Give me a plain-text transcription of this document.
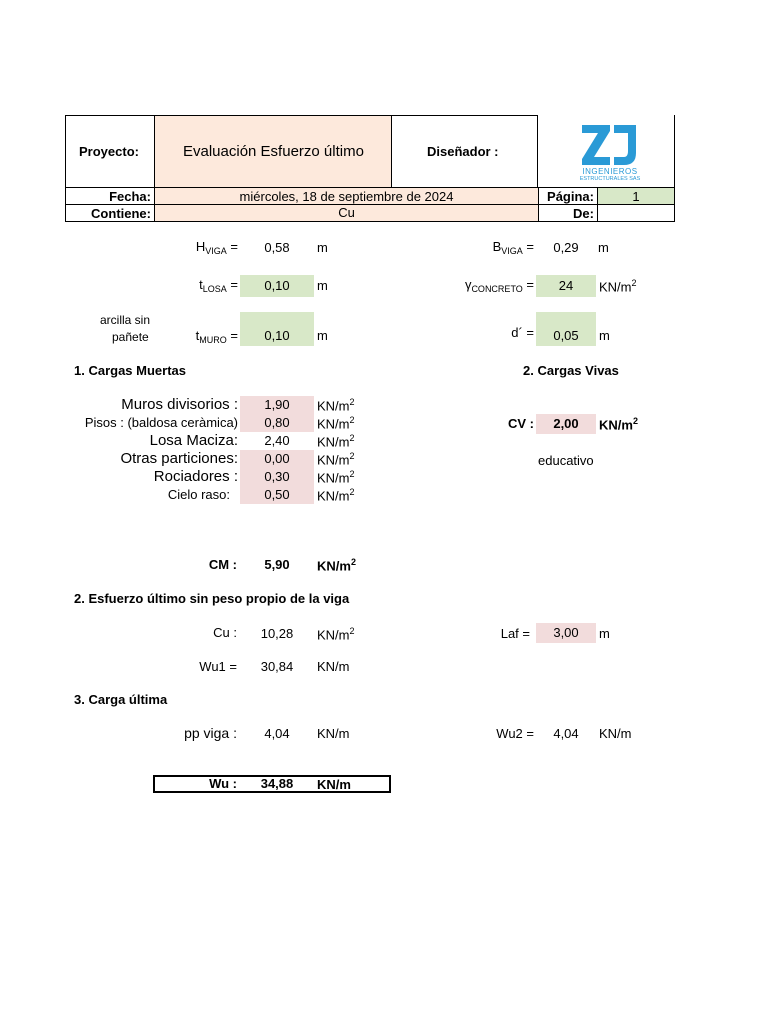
Proyecto:	Evaluación Esfuerzo último	Diseñador :
INGENIEROS
ESTRUCTURALES SAS
Fecha:	miércoles, 18 de septiembre de 2024	Página:	1
Contiene:	Cu	De:
$H_{VIGA}$ =	0,58	m	$B_{VIGA}$ =	0,29	m
$t_{LOSA}$ =	0,10	m	$\gamma_{CONCRETO}$ =	24	$KN/m^2$
arcilla sin
pañete	$t_{MURO}$ =	0,10	m	d´ =	0,05	m
1. Cargas Muertas
Muros divisorios :	1,90	$KN/m^2$
Pisos : (baldosa ceràmica)	0,80	$KN/m^2$
Losa Maciza:	2,40	$KN/m^2$
Otras particiones:	0,00	$KN/m^2$
Rociadores :	0,30	$KN/m^2$
Cielo raso:	0,50	$KN/m^2$
CM :	5,90	$KN/m^2$
2. Cargas Vivas
CV :	2,00	$KN/m^2$
educativo
2. Esfuerzo último sin peso propio de la viga
Cu :	10,28	$KN/m^2$	Laf =	3,00	m
Wu1 =	30,84	KN/m
3. Carga última
pp viga :	4,04	KN/m	Wu2 =	4,04	KN/m
Wu :	34,88	KN/m
